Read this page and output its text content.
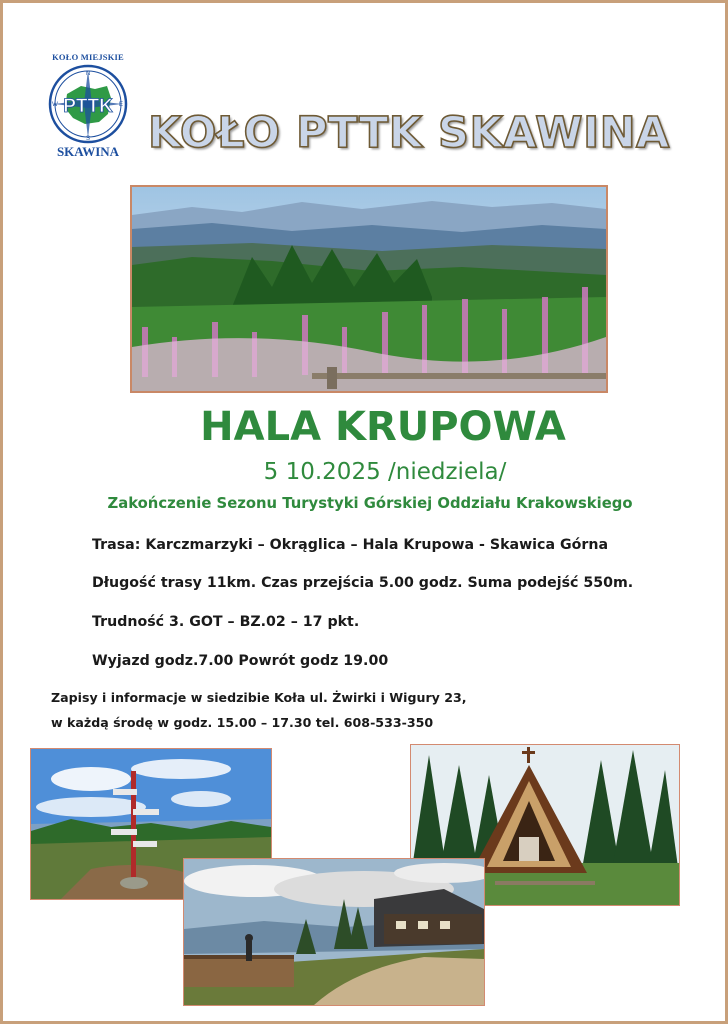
KOŁO MIEJSKIE
PTTK
N
E
S
W
SKAWINA KOŁO PTTK SKAWINA
HALA KRUPOWA
5 10.2025 /niedziela/
Zakończenie Sezonu Turystyki Górskiej Oddziału Krakowskiego
Trasa: Karczmarzyki – Okrąglica – Hala Krupowa - Skawica Górna
Długość trasy 11km. Czas przejścia 5.00 godz. Suma podejść 550m.
Trudność 3. GOT – BZ.02 – 17 pkt.
Wyjazd godz.7.00 Powrót godz 19.00
Zapisy i informacje w siedzibie Koła ul. Żwirki i Wigury 23,
w każdą środę w godz. 15.00 – 17.30 tel. 608-533-350
